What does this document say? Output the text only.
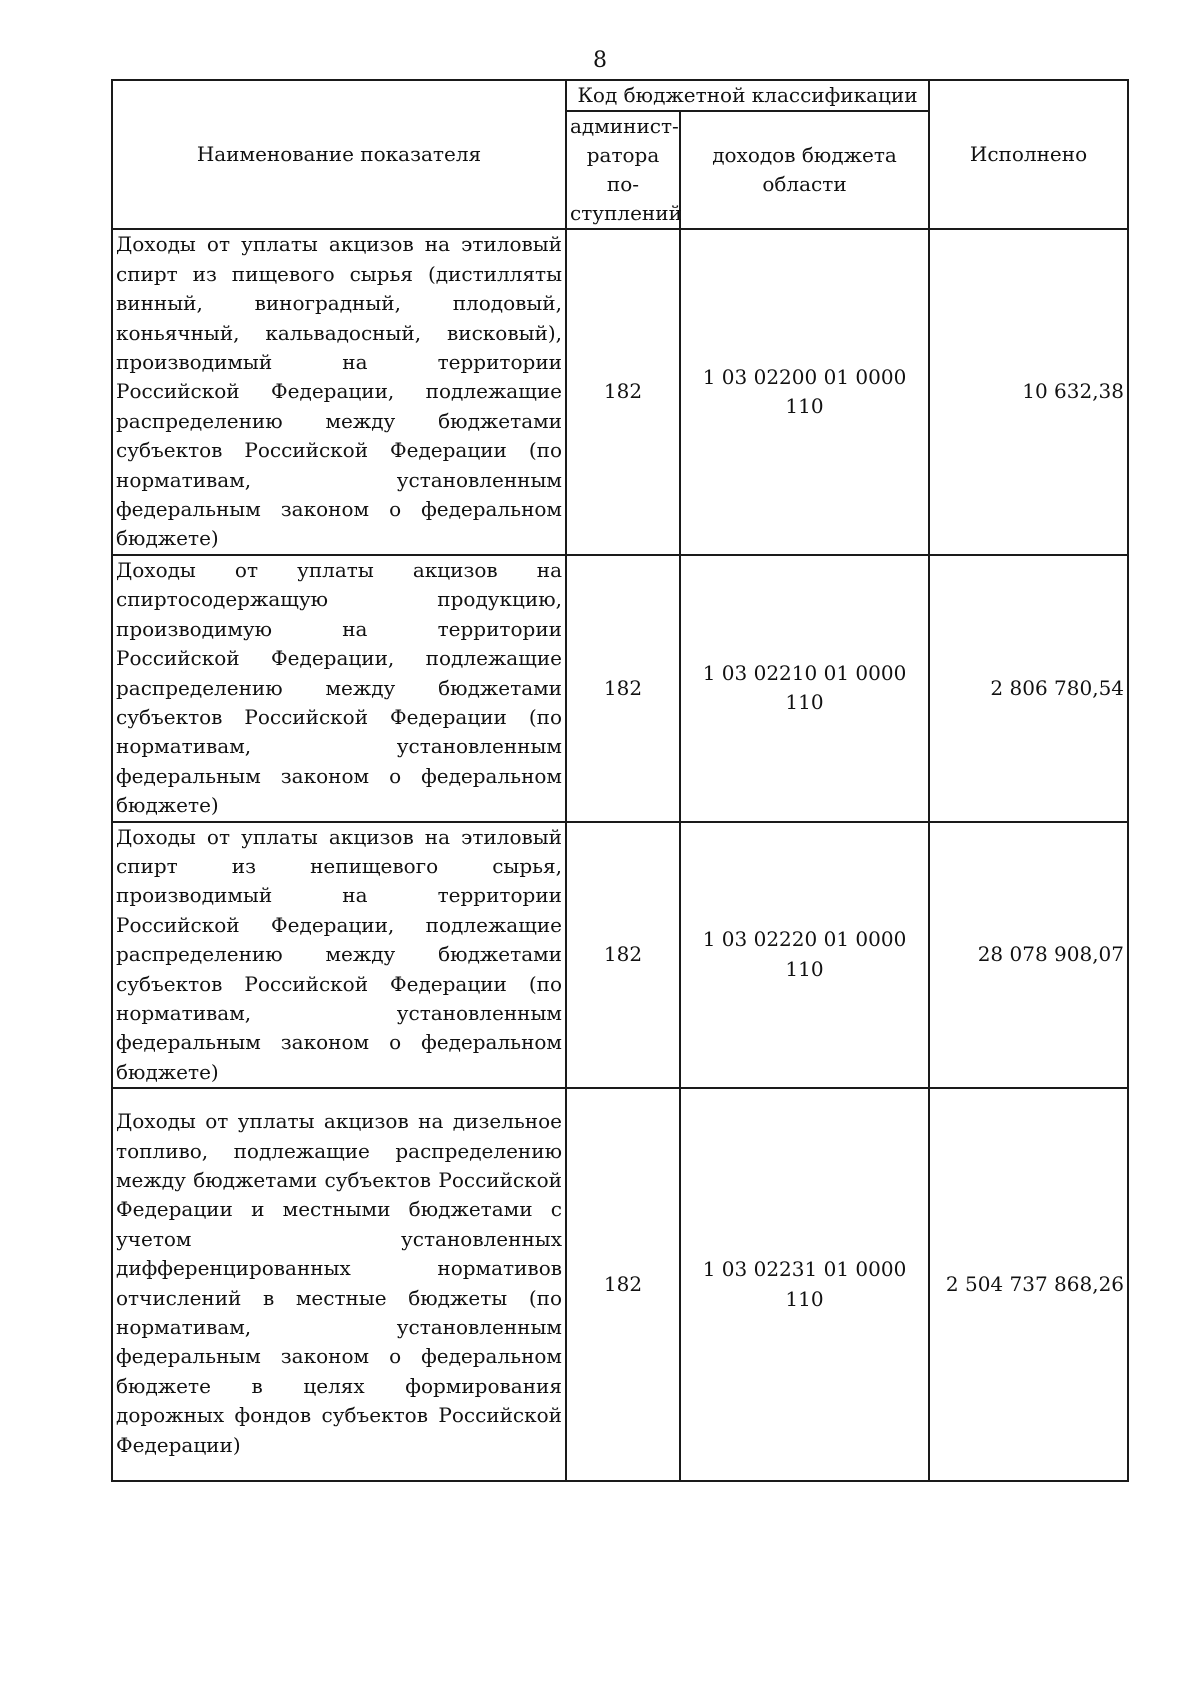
8
Наименование показателя	Код бюджетной классификации		Исполнено
	админист-ратора по-ступлений	доходов бюджета области	
Доходы от уплаты акцизов на этиловый спирт из пищевого сырья (дистилляты винный, виноградный, плодовый, коньячный, кальвадосный, висковый), производимый на территории Российской Федерации, подлежащие распределению между бюджетами субъектов Российской Федерации (по нормативам, установленным федеральным законом о федеральном бюджете)	182	1 03 02200 01 0000 110	10 632,38
Доходы от уплаты акцизов на спиртосодержащую продукцию, производимую на территории Российской Федерации, подлежащие распределению между бюджетами субъектов Российской Федерации (по нормативам, установленным федеральным законом о федеральном бюджете)	182	1 03 02210 01 0000 110	2 806 780,54
Доходы от уплаты акцизов на этиловый спирт из непищевого сырья, производимый на территории Российской Федерации, подлежащие распределению между бюджетами субъектов Российской Федерации (по нормативам, установленным федеральным законом о федеральном бюджете)	182	1 03 02220 01 0000 110	28 078 908,07
Доходы от уплаты акцизов на дизельное топливо, подлежащие распределению между бюджетами субъектов Российской Федерации и местными бюджетами с учетом установленных дифференцированных нормативов отчислений в местные бюджеты (по нормативам, установленным федеральным законом о федеральном бюджете в целях формирования дорожных фондов субъектов Российской Федерации)	182	1 03 02231 01 0000 110	2 504 737 868,26
